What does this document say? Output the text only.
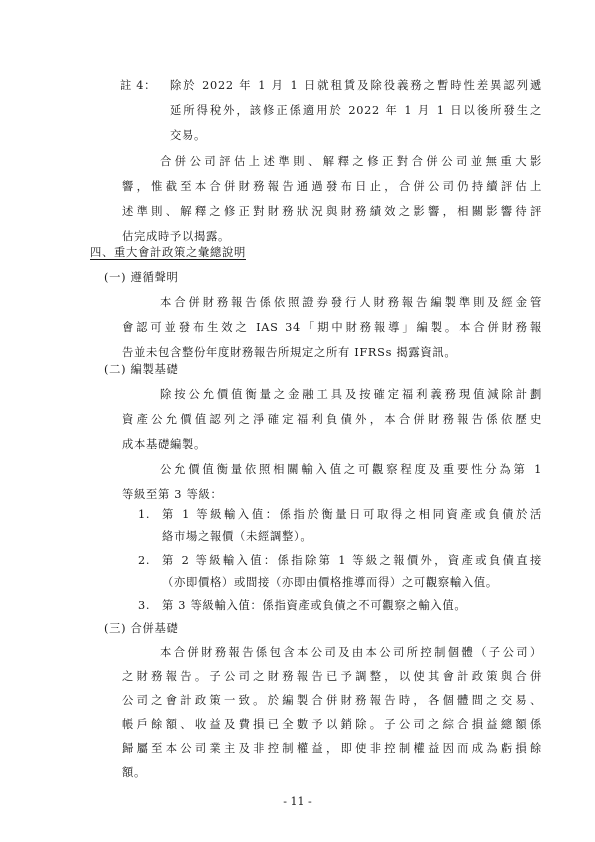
註 4： 除於 2022 年 1 月 1 日就租賃及除役義務之暫時性差異認列遞
延所得稅外，該修正係適用於 2022 年 1 月 1 日以後所發生之
交易。
合併公司評估上述準則、解釋之修正對合併公司並無重大影
響，惟截至本合併財務報告通過發布日止，合併公司仍持續評估上
述準則、解釋之修正對財務狀況與財務績效之影響，相關影響待評
估完成時予以揭露。
四、重大會計政策之彙總說明
(一) 遵循聲明
本合併財務報告係依照證券發行人財務報告編製準則及經金管
會認可並發布生效之 IAS 34「期中財務報導」編製。本合併財務報
告並未包含整份年度財務報告所規定之所有 IFRSs 揭露資訊。
(二) 編製基礎
除按公允價值衡量之金融工具及按確定福利義務現值減除計劃
資產公允價值認列之淨確定福利負債外，本合併財務報告係依歷史
成本基礎編製。
公允價值衡量依照相關輸入值之可觀察程度及重要性分為第 1
等級至第 3 等級：
1. 第 1 等級輸入值：係指於衡量日可取得之相同資產或負債於活
絡市場之報價（未經調整）。
2. 第 2 等級輸入值：係指除第 1 等級之報價外，資產或負債直接
（亦即價格）或間接（亦即由價格推導而得）之可觀察輸入值。
3. 第 3 等級輸入值：係指資產或負債之不可觀察之輸入值。
(三) 合併基礎
本合併財務報告係包含本公司及由本公司所控制個體（子公司）
之財務報告。子公司之財務報告已予調整，以使其會計政策與合併
公司之會計政策一致。於編製合併財務報告時，各個體間之交易、
帳戶餘額、收益及費損已全數予以銷除。子公司之綜合損益總額係
歸屬至本公司業主及非控制權益，即使非控制權益因而成為虧損餘
額。
- 11 -
